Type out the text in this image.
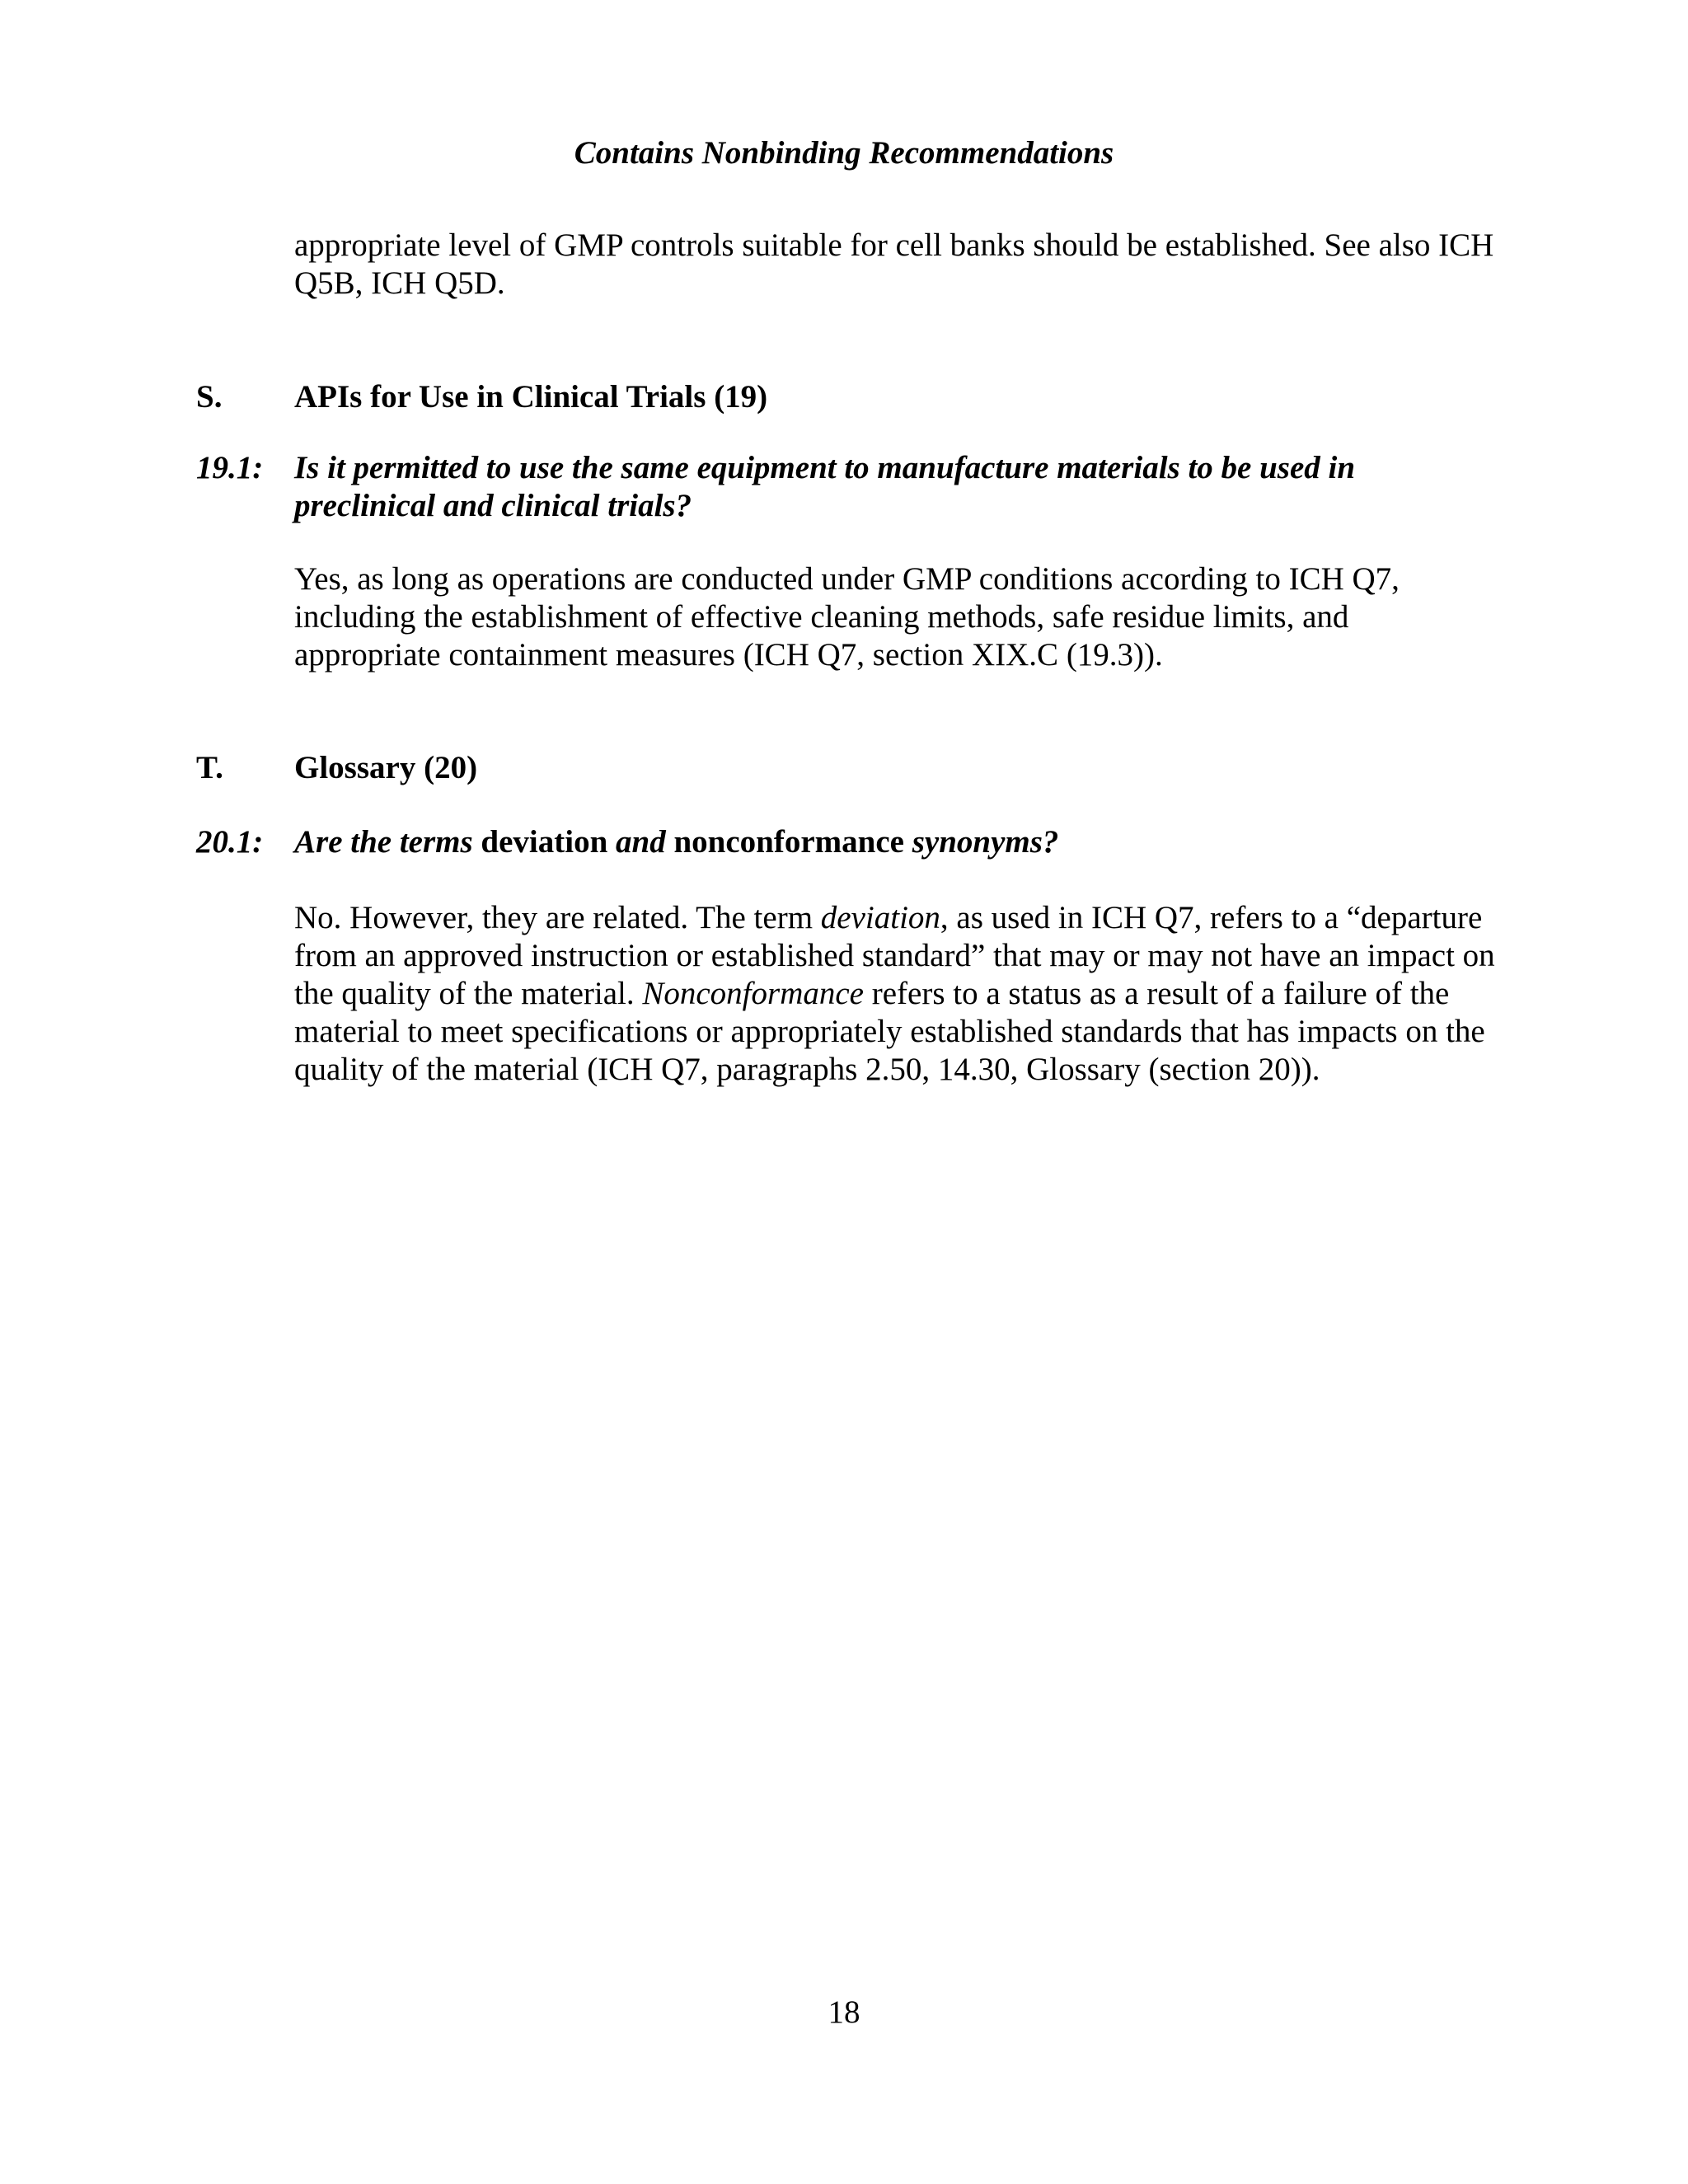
Contains Nonbinding Recommendations

appropriate level of GMP controls suitable for cell banks should be established. See also ICH Q5B, ICH Q5D.

S. APIs for Use in Clinical Trials (19)
19.1: Is it permitted to use the same equipment to manufacture materials to be used in preclinical and clinical trials?

Yes, as long as operations are conducted under GMP conditions according to ICH Q7, including the establishment of effective cleaning methods, safe residue limits, and appropriate containment measures (ICH Q7, section XIX.C (19.3)).

T. Glossary (20)
20.1: Are the terms deviation and nonconformance synonyms?

No. However, they are related. The term deviation, as used in ICH Q7, refers to a “departure from an approved instruction or established standard” that may or may not have an impact on the quality of the material. Nonconformance refers to a status as a result of a failure of the material to meet specifications or appropriately established standards that has impacts on the quality of the material (ICH Q7, paragraphs 2.50, 14.30, Glossary (section 20)).

18
